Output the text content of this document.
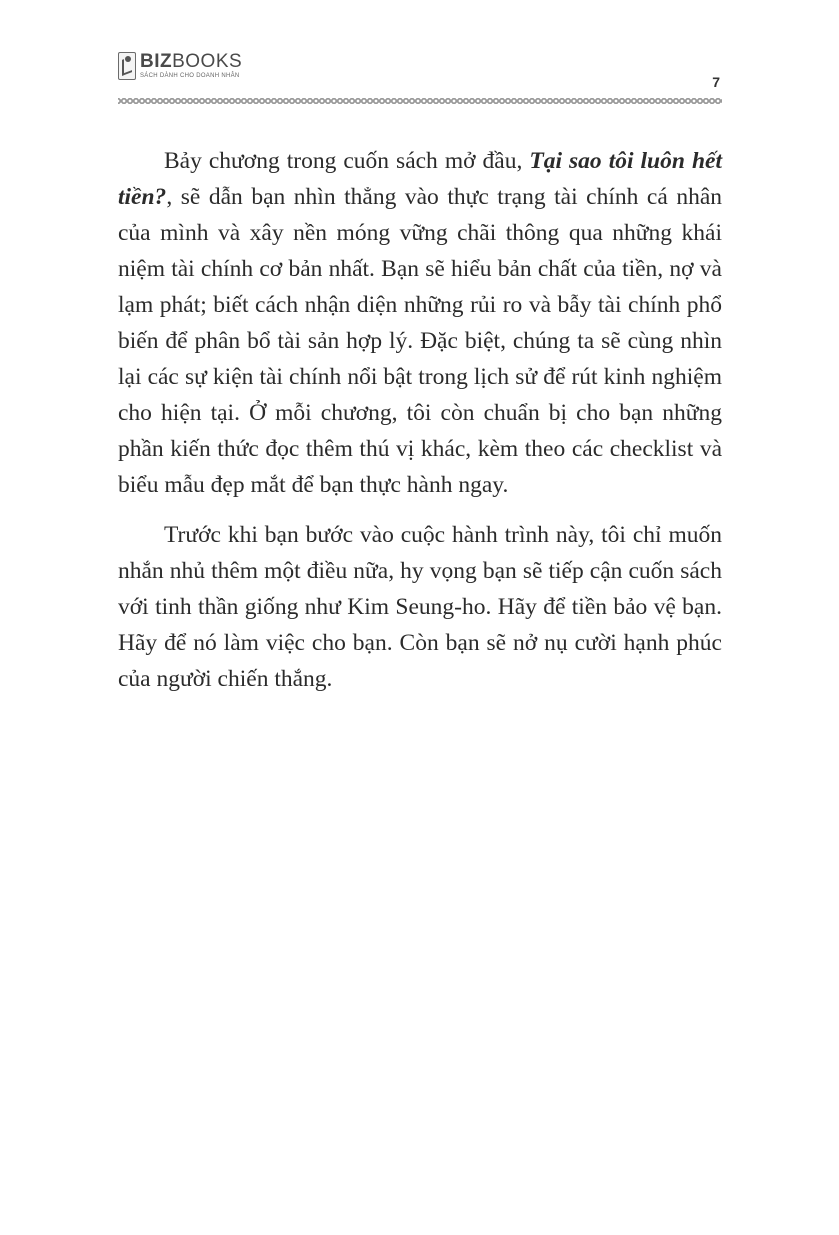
BIZBOOKS
SÁCH DÀNH CHO DOANH NHÂN	7

Bảy chương trong cuốn sách mở đầu, Tại sao tôi luôn hết tiền?, sẽ dẫn bạn nhìn thẳng vào thực trạng tài chính cá nhân của mình và xây nền móng vững chãi thông qua những khái niệm tài chính cơ bản nhất. Bạn sẽ hiểu bản chất của tiền, nợ và lạm phát; biết cách nhận diện những rủi ro và bẫy tài chính phổ biến để phân bổ tài sản hợp lý. Đặc biệt, chúng ta sẽ cùng nhìn lại các sự kiện tài chính nổi bật trong lịch sử để rút kinh nghiệm cho hiện tại. Ở mỗi chương, tôi còn chuẩn bị cho bạn những phần kiến thức đọc thêm thú vị khác, kèm theo các checklist và biểu mẫu đẹp mắt để bạn thực hành ngay.

Trước khi bạn bước vào cuộc hành trình này, tôi chỉ muốn nhắn nhủ thêm một điều nữa, hy vọng bạn sẽ tiếp cận cuốn sách với tinh thần giống như Kim Seung-ho. Hãy để tiền bảo vệ bạn. Hãy để nó làm việc cho bạn. Còn bạn sẽ nở nụ cười hạnh phúc của người chiến thắng.
